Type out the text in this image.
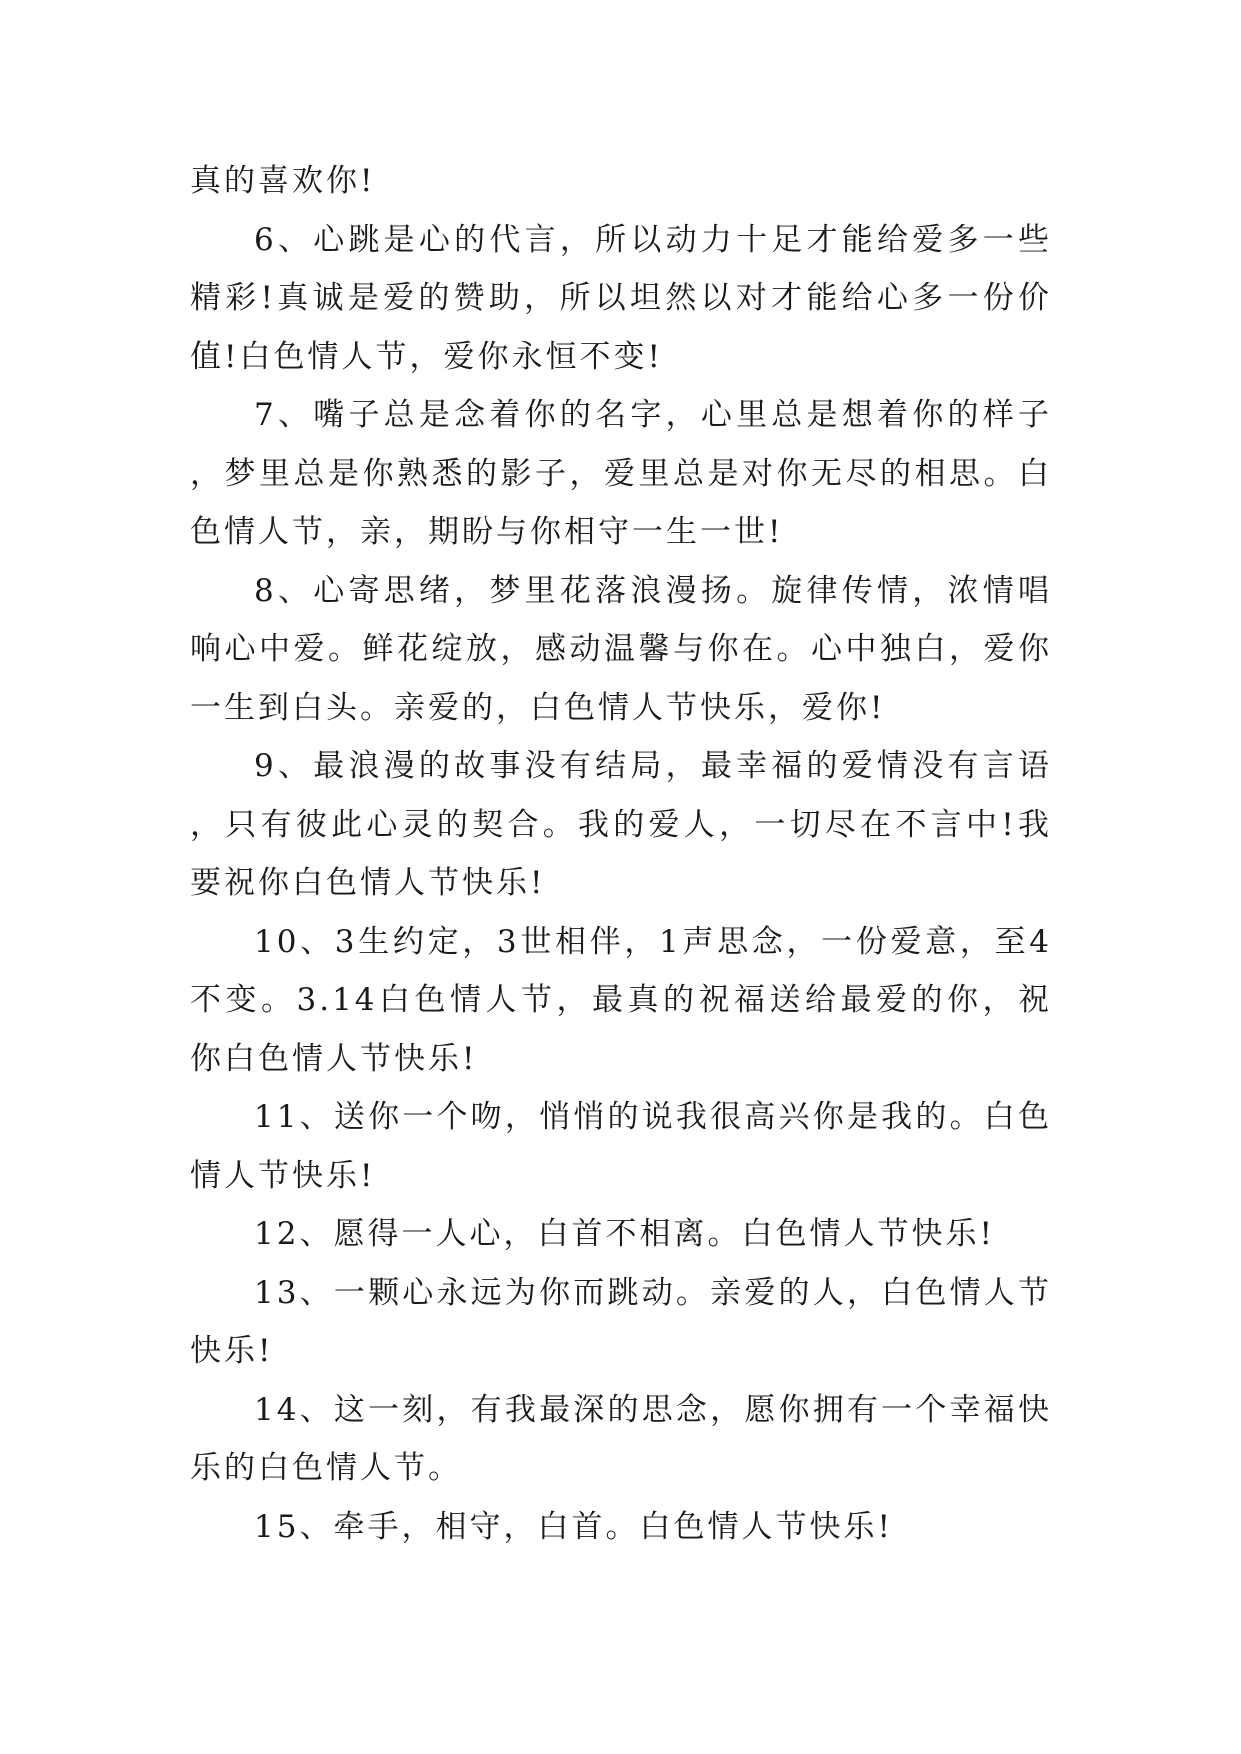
真的喜欢你!

6、心跳是心的代言，所以动力十足才能给爱多一些精彩!真诚是爱的赞助，所以坦然以对才能给心多一份价值!白色情人节，爱你永恒不变!

7、嘴子总是念着你的名字，心里总是想着你的样子，梦里总是你熟悉的影子，爱里总是对你无尽的相思。白色情人节，亲，期盼与你相守一生一世!

8、心寄思绪，梦里花落浪漫扬。旋律传情，浓情唱响心中爱。鲜花绽放，感动温馨与你在。心中独白，爱你一生到白头。亲爱的，白色情人节快乐，爱你!

9、最浪漫的故事没有结局，最幸福的爱情没有言语，只有彼此心灵的契合。我的爱人，一切尽在不言中!我要祝你白色情人节快乐!

10、3生约定，3世相伴，1声思念，一份爱意，至4不变。3.14白色情人节，最真的祝福送给最爱的你，祝你白色情人节快乐!

11、送你一个吻，悄悄的说我很高兴你是我的。白色情人节快乐!

12、愿得一人心，白首不相离。白色情人节快乐!

13、一颗心永远为你而跳动。亲爱的人，白色情人节快乐!

14、这一刻，有我最深的思念，愿你拥有一个幸福快乐的白色情人节。

15、牵手，相守，白首。白色情人节快乐!
